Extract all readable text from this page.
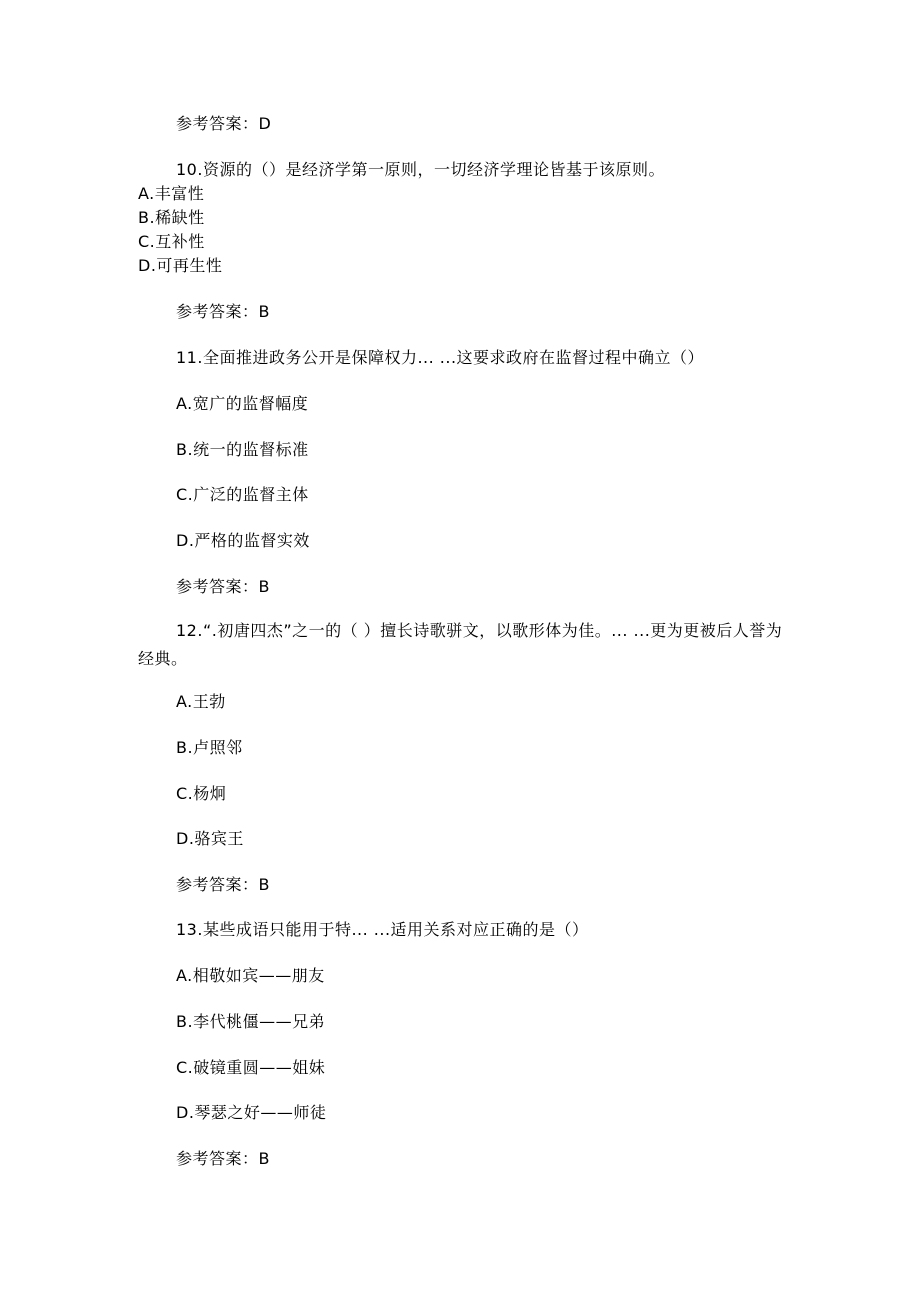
参考答案：D
10.资源的（）是经济学第一原则，一切经济学理论皆基于该原则。
A.丰富性
B.稀缺性
C.互补性
D.可再生性
参考答案：B
11.全面推进政务公开是保障权力... ...这要求政府在监督过程中确立（）
A.宽广的监督幅度
B.统一的监督标准
C.广泛的监督主体
D.严格的监督实效
参考答案：B
12.“.初唐四杰”之一的（ ）擅长诗歌骈文，以歌形体为佳。... ...更为更被后人誉为经典。
A.王勃
B.卢照邻
C.杨炯
D.骆宾王
参考答案：B
13.某些成语只能用于特... ...适用关系对应正确的是（）
A.相敬如宾——朋友
B.李代桃僵——兄弟
C.破镜重圆——姐妹
D.琴瑟之好——师徒
参考答案：B
